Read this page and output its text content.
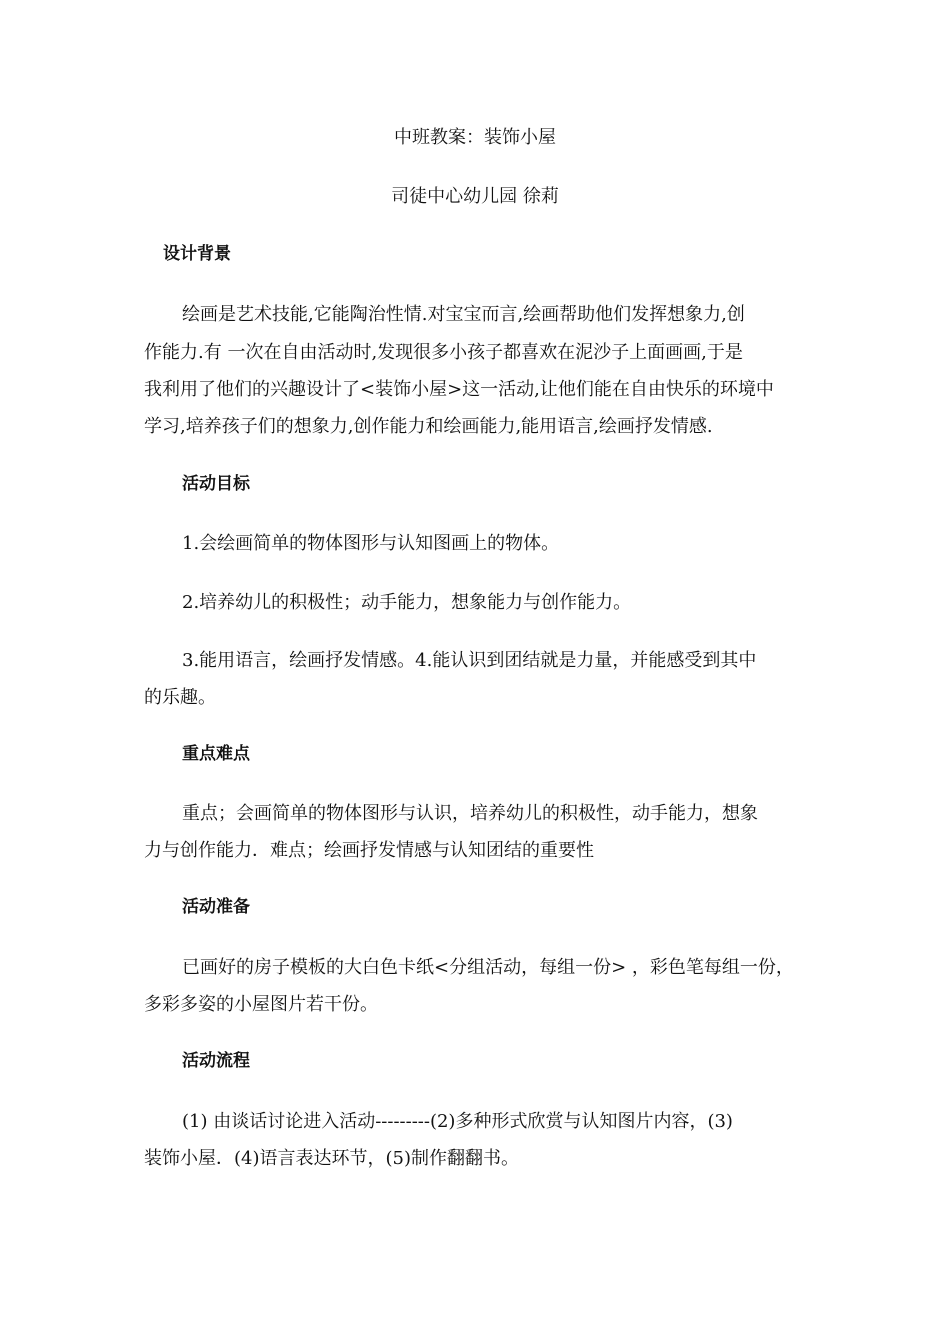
中班教案：装饰小屋
司徒中心幼儿园 徐莉
设计背景
绘画是艺术技能,它能陶治性情.对宝宝而言,绘画帮助他们发挥想象力,创
作能力.有 一次在自由活动时,发现很多小孩子都喜欢在泥沙子上面画画,于是
我利用了他们的兴趣设计了<装饰小屋>这一活动,让他们能在自由快乐的环境中
学习,培养孩子们的想象力,创作能力和绘画能力,能用语言,绘画抒发情感.
活动目标
1.会绘画简单的物体图形与认知图画上的物体。
2.培养幼儿的积极性；动手能力，想象能力与创作能力。
3.能用语言，绘画抒发情感。4.能认识到团结就是力量，并能感受到其中
的乐趣。
重点难点
重点；会画简单的物体图形与认识，培养幼儿的积极性，动手能力，想象
力与创作能力．难点；绘画抒发情感与认知团结的重要性
活动准备
已画好的房子模板的大白色卡纸<分组活动，每组一份> ，彩色笔每组一份，
多彩多姿的小屋图片若干份。
活动流程
(1) 由谈话讨论进入活动---------(2)多种形式欣赏与认知图片内容，(3)
装饰小屋．(4)语言表达环节，(5)制作翻翻书。
